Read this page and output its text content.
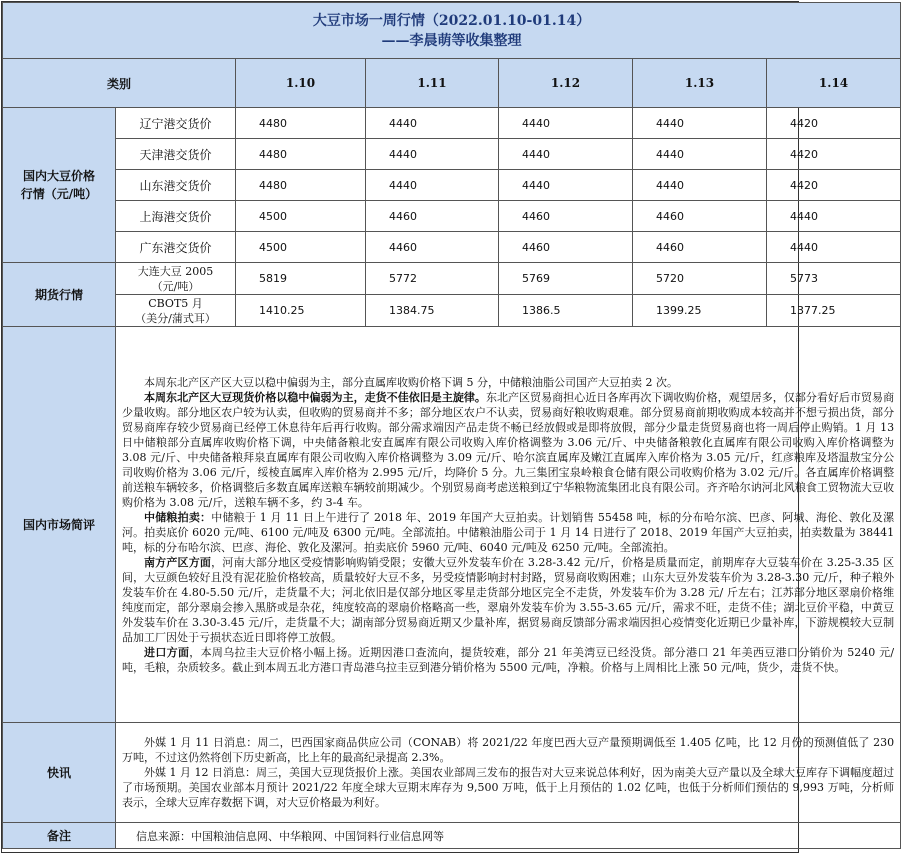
大豆市场一周行情（2022.01.10-01.14）
——李晨萌等收集整理						

类别		1.10	1.11	1.12	1.13	1.14

国内大豆价格
行情（元/吨）	辽宁港交货价	4480	4440	4440	4440	4420
	天津港交货价	4480	4440	4440	4440	4420
	山东港交货价	4480	4440	4440	4440	4420
	上海港交货价	4500	4460	4460	4460	4440
	广东港交货价	4500	4460	4460	4460	4440
期货行情	大连大豆 2005
（元/吨）	5819	5772	5769	5720	5773

	CBOT5 月
（美分/蒲式耳）	1410.25	1384.75	1386.5	1399.25	1377.25
国内市场简评	本周东北产区产区大豆以稳中偏弱为主，部分直属库收购价格下调 5 分，中储粮油脂公司国产大豆拍卖 2 次。

本周东北产区大豆现货价格以稳中偏弱为主，走货不佳依旧是主旋律。东北产区贸易商担心近日各库再次下调收购价格，观望居多，仅部分看好后市贸易商少量收购。部分地区农户较为认卖，但收购的贸易商并不多；部分地区农户不认卖，贸易商好粮收购艰难。部分贸易商前期收购成本较高并不想亏损出货，部分贸易商库存较少贸易商已经停工休息待年后再行收购。部分需求端因产品走货不畅已经放假或是即将放假，部分少量走货贸易商也将一周后停止购销。1 月 13 日中储粮部分直属库收购价格下调，中央储备粮北安直属库有限公司收购入库价格调整为 3.06 元/斤、中央储备粮敦化直属库有限公司收购入库价格调整为 3.08 元/斤、中央储备粮拜泉直属库有限公司收购入库价格调整为 3.09 元/斤、哈尔滨直属库及嫩江直属库入库价格为 3.05 元/斤，红彦粮库及塔温敖宝分公司收购价格为 3.06 元/斤，绥棱直属库入库价格为 2.995 元/斤，均降价 5 分。九三集团宝泉岭粮食仓储有限公司收购价格为 3.02 元/斤。各直属库价格调整前送粮车辆较多，价格调整后多数直属库送粮车辆较前期减少。个别贸易商考虑送粮到辽宁华粮物流集团北良有限公司。齐齐哈尔讷河北风粮食工贸物流大豆收购价格为 3.08 元/斤，送粮车辆不多，约 3-4 车。

中储粮拍卖：中储粮于 1 月 11 日上午进行了 2018 年、2019 年国产大豆拍卖。计划销售 55458 吨，标的分布哈尔滨、巴彦、阿城、海伦、敦化及漯河。拍卖底价 6020 元/吨、6100 元/吨及 6300 元/吨。全部流拍。中储粮油脂公司于 1 月 14 日进行了 2018、2019 年国产大豆拍卖，拍卖数量为 38441 吨，标的分布哈尔滨、巴彦、海伦、敦化及漯河。拍卖底价 5960 元/吨、6040 元/吨及 6250 元/吨。全部流拍。

南方产区方面，河南大部分地区受疫情影响购销受限；安徽大豆外发装车价在 3.28-3.42 元/斤，价格是质量而定，前期库存大豆装车价在 3.25-3.35 区间，大豆颜色较好且没有泥花脸价格较高，质量较好大豆不多，另受疫情影响封村封路，贸易商收购困难；山东大豆外发装车价为 3.28-3.30 元/斤，种子粮外发装车价在 4.80-5.50 元/斤，走货量不大；河北依旧是仅部分地区零星走货部分地区完全不走货，外发装车价为 3.28 元/ 斤左右；江苏部分地区翠扇价格维纯度而定，部分翠扇会掺入黑脐或是杂花，纯度较高的翠扇价格略高一些，翠扇外发装车价为 3.55-3.65 元/斤，需求不旺，走货不佳；湖北豆价平稳，中黄豆外发装车价在 3.30-3.45 元/斤，走货量不大；湖南部分贸易商近期又少量补库，据贸易商反馈部分需求端因担心疫情变化近期已少量补库，下游规模较大豆制品加工厂因处于亏损状态近日即将停工放假。

进口方面，本周乌拉圭大豆价格小幅上扬。近期因港口查流向，提货较难，部分 21 年美湾豆已经没货。部分港口 21 年美西豆港口分销价为 5240 元/吨，毛粮，杂质较多。截止到本周五北方港口青岛港乌拉圭豆到港分销价格为 5500 元/吨，净粮。价格与上周相比上涨 50 元/吨，货少，走货不快。					

快讯	外媒 1 月 11 日消息：周二，巴西国家商品供应公司（CONAB）将 2021/22 年度巴西大豆产量预期调低至 1.405 亿吨，比 12 月份的预测值低了 230 万吨，不过这仍然将创下历史新高，比上年的最高纪录提高 2.3%。

外媒 1 月 12 日消息：周三，美国大豆现货报价上涨。美国农业部周三发布的报告对大豆来说总体利好，因为南美大豆产量以及全球大豆库存下调幅度超过了市场预期。美国农业部本月预计 2021/22 年度全球大豆期末库存为 9,500 万吨，低于上月预估的 1.02 亿吨，也低于分析师们预估的 9,993 万吨，分析师表示，全球大豆库存数据下调，对大豆价格最为利好。					

备注	信息来源：中国粮油信息网、中华粮网、中国饲料行业信息网等					
